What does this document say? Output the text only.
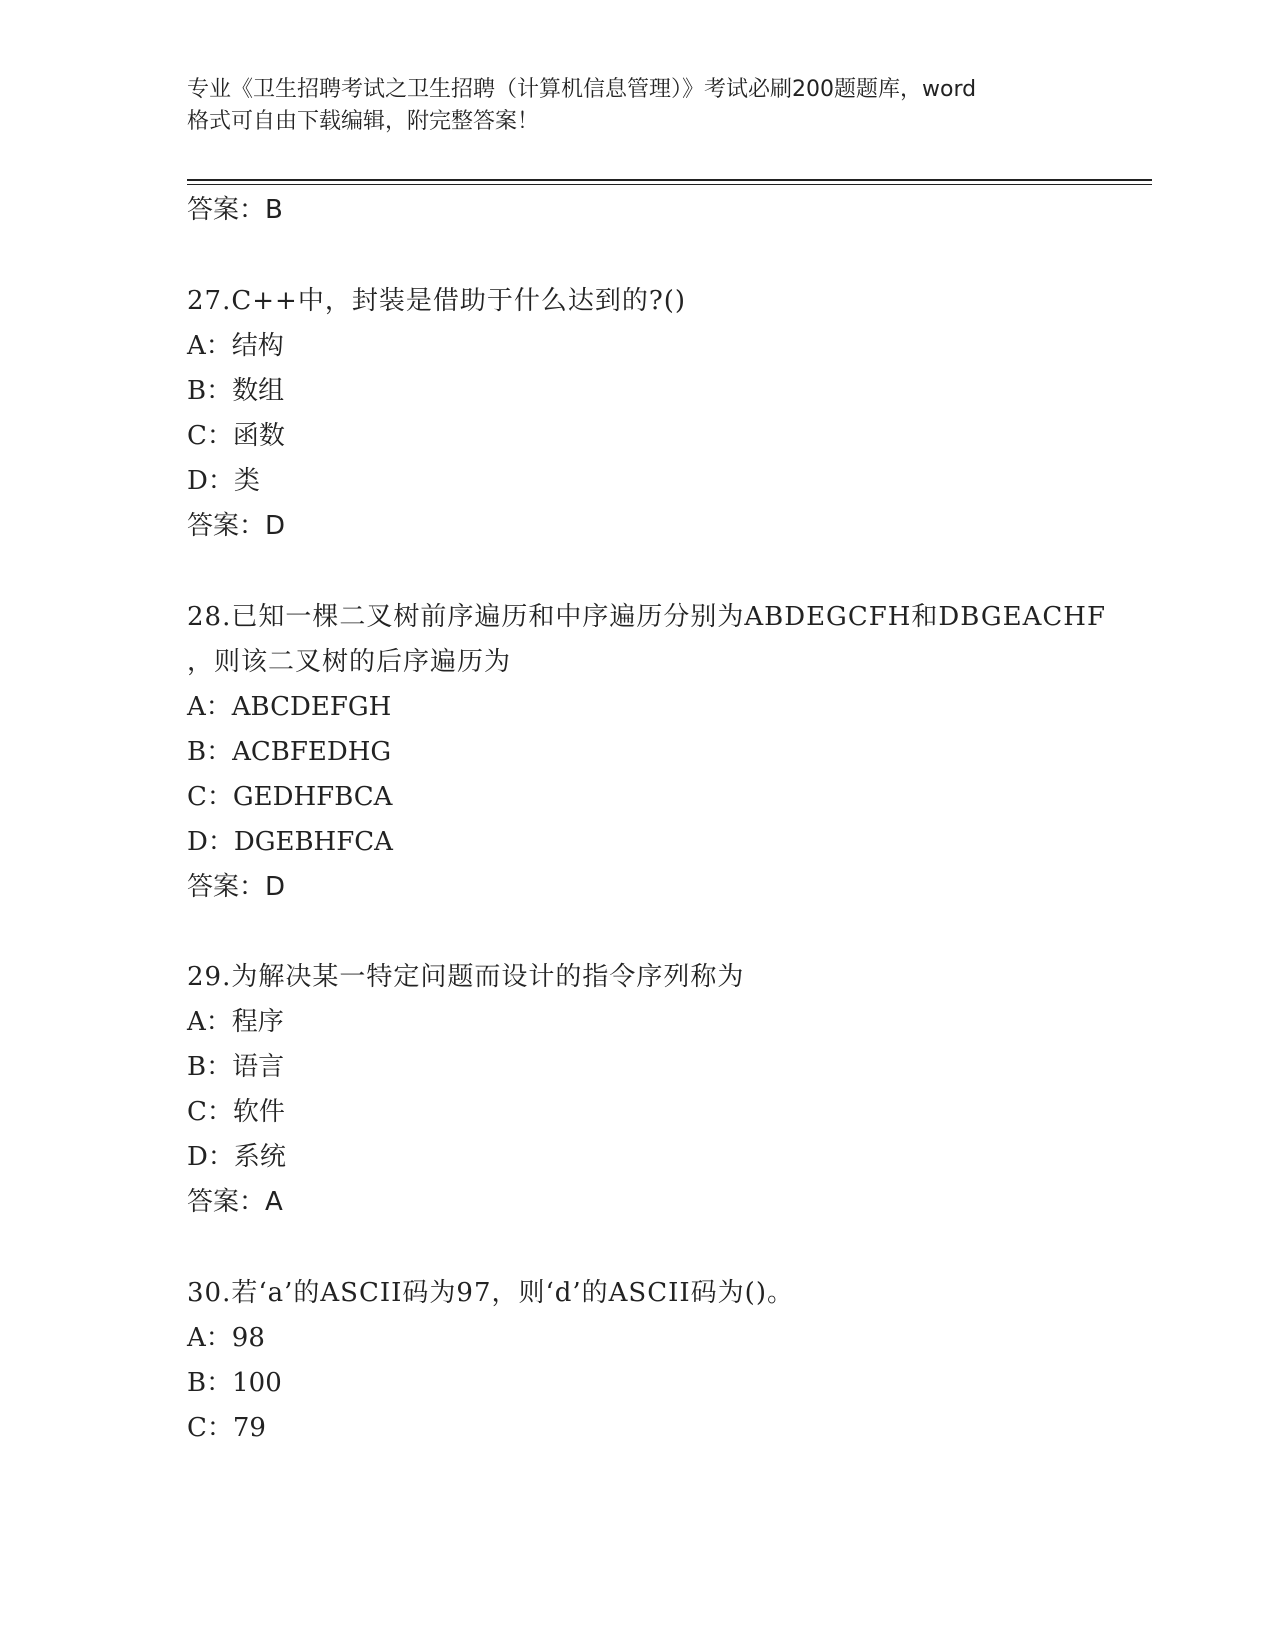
专业《卫生招聘考试之卫生招聘（计算机信息管理）》考试必刷200题题库，word
格式可自由下载编辑，附完整答案！
答案：B
27.C++中，封装是借助于什么达到的?()
A：结构
B：数组
C：函数
D：类
答案：D
28.已知一棵二叉树前序遍历和中序遍历分别为ABDEGCFH和DBGEACHF
，则该二叉树的后序遍历为
A：ABCDEFGH
B：ACBFEDHG
C：GEDHFBCA
D：DGEBHFCA
答案：D
29.为解决某一特定问题而设计的指令序列称为
A：程序
B：语言
C：软件
D：系统
答案：A
30.若‘a’的ASCII码为97，则‘d’的ASCII码为()。
A：98
B：100
C：79
